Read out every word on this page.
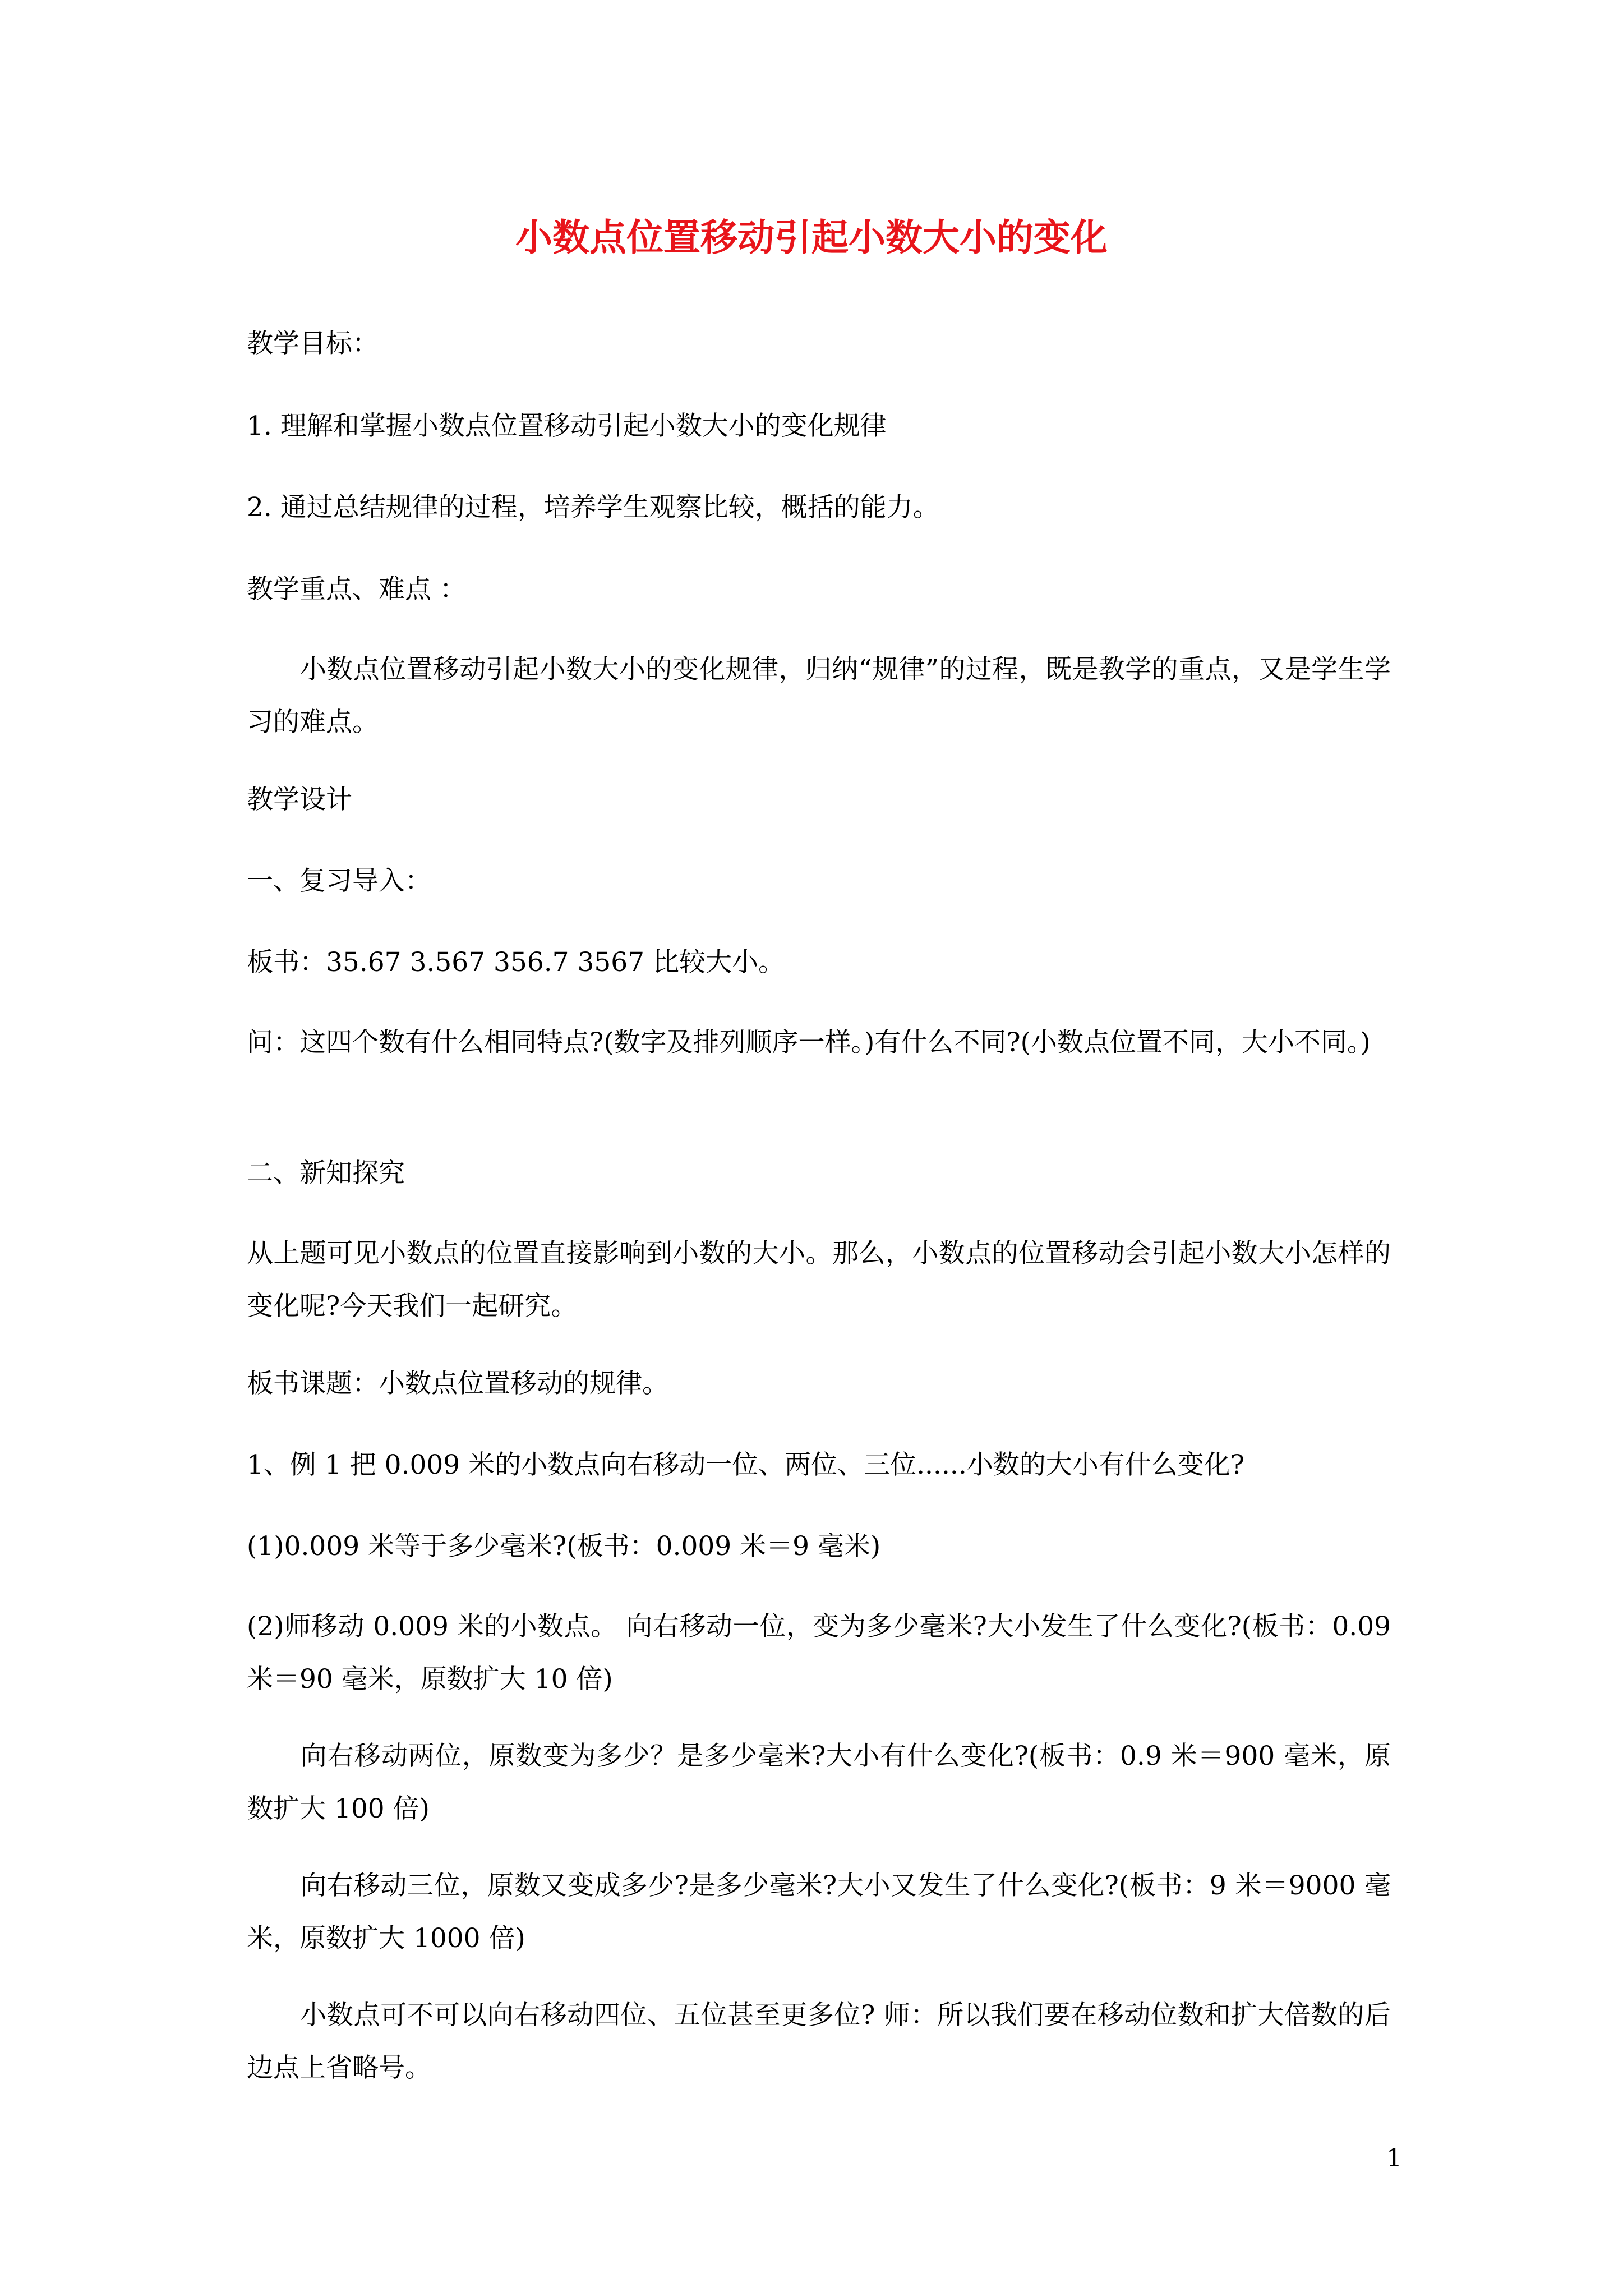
小数点位置移动引起小数大小的变化

教学目标：

1. 理解和掌握小数点位置移动引起小数大小的变化规律

2. 通过总结规律的过程，培养学生观察比较，概括的能力。

教学重点、难点 ：

　　小数点位置移动引起小数大小的变化规律，归纳“规律”的过程，既是教学的重点，又是学生学习的难点。

教学设计

一、复习导入：

板书：35.67 3.567 356.7 3567 比较大小。

问：这四个数有什么相同特点?(数字及排列顺序一样。)有什么不同?(小数点位置不同，大小不同。)

二、新知探究

从上题可见小数点的位置直接影响到小数的大小。那么，小数点的位置移动会引起小数大小怎样的变化呢?今天我们一起研究。

板书课题：小数点位置移动的规律。

1、例 1 把 0.009 米的小数点向右移动一位、两位、三位......小数的大小有什么变化?

(1)0.009 米等于多少毫米?(板书：0.009 米＝9 毫米)

(2)师移动 0.009 米的小数点。 向右移动一位，变为多少毫米?大小发生了什么变化?(板书：0.09 米＝90 毫米，原数扩大 10 倍)

　　向右移动两位，原数变为多少？是多少毫米?大小有什么变化?(板书：0.9 米＝900 毫米，原数扩大 100 倍)

　　向右移动三位，原数又变成多少?是多少毫米?大小又发生了什么变化?(板书：9 米＝9000 毫米，原数扩大 1000 倍)

　　小数点可不可以向右移动四位、五位甚至更多位? 师：所以我们要在移动位数和扩大倍数的后边点上省略号。

1
